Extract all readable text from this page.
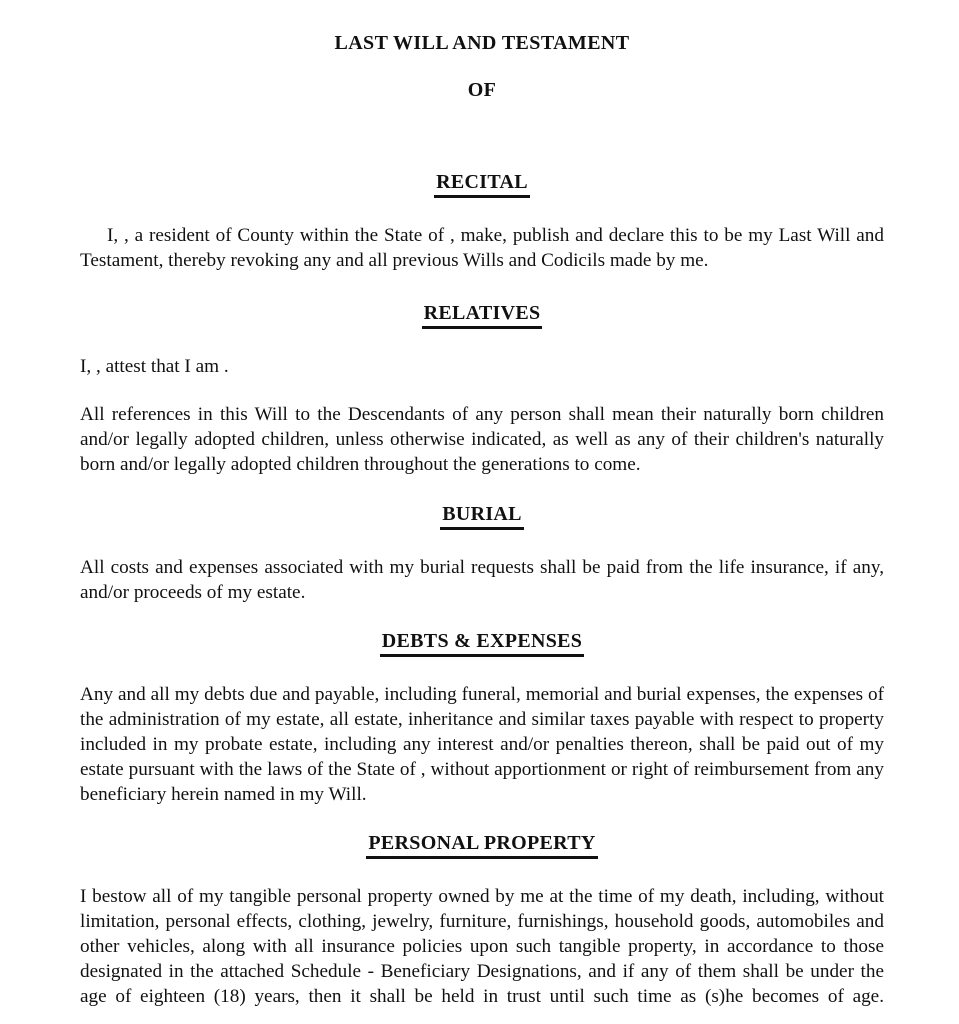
LAST WILL AND TESTAMENT
OF
RECITAL

I, , a resident of County within the State of , make, publish and declare this to be my Last Will and Testament, thereby revoking any and all previous Wills and Codicils made by me.

RELATIVES

I, , attest that I am .

All references in this Will to the Descendants of any person shall mean their naturally born children and/or legally adopted children, unless otherwise indicated, as well as any of their children's naturally born and/or legally adopted children throughout the generations to come.

BURIAL

All costs and expenses associated with my burial requests shall be paid from the life insurance, if any, and/or proceeds of my estate.

DEBTS & EXPENSES

Any and all my debts due and payable, including funeral, memorial and burial expenses, the expenses of the administration of my estate, all estate, inheritance and similar taxes payable with respect to property included in my probate estate, including any interest and/or penalties thereon, shall be paid out of my estate pursuant with the laws of the State of , without apportionment or right of reimbursement from any beneficiary herein named in my Will.

PERSONAL PROPERTY

I bestow all of my tangible personal property owned by me at the time of my death, including, without limitation, personal effects, clothing, jewelry, furniture, furnishings, household goods, automobiles and other vehicles, along with all insurance policies upon such tangible property, in accordance to those designated in the attached Schedule - Beneficiary Designations, and if any of them shall be under the age of eighteen (18) years, then it shall be held in trust until such time as (s)he becomes of age.
